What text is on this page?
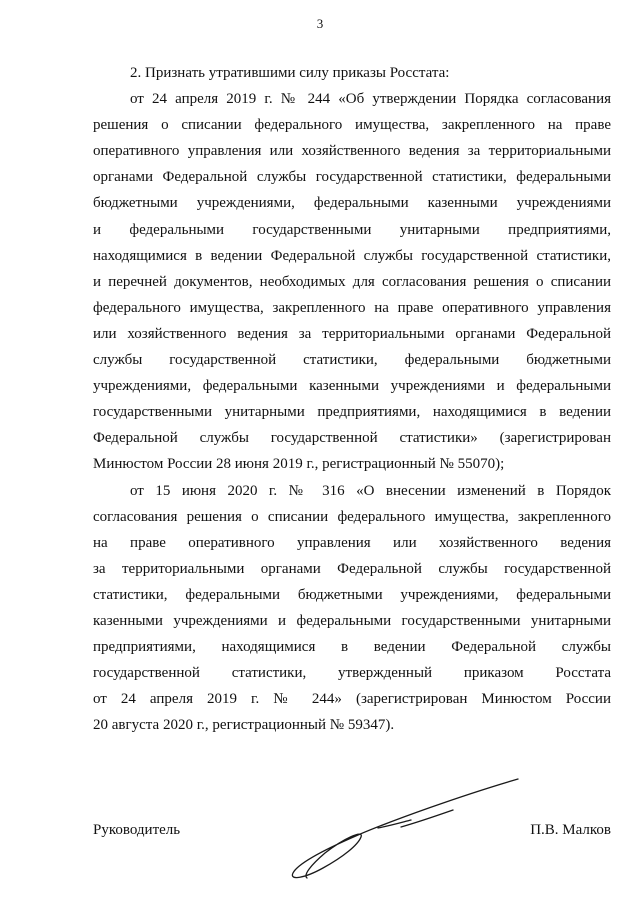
3

2. Признать утратившими силу приказы Росстата:

от 24 апреля 2019 г. № 244 «Об утверждении Порядка согласования
решения о списании федерального имущества, закрепленного на праве
оперативного управления или хозяйственного ведения за территориальными
органами Федеральной службы государственной статистики, федеральными
бюджетными учреждениями, федеральными казенными учреждениями
и федеральными государственными унитарными предприятиями,
находящимися в ведении Федеральной службы государственной статистики,
и перечней документов, необходимых для согласования решения о списании
федерального имущества, закрепленного на праве оперативного управления
или хозяйственного ведения за территориальными органами Федеральной
службы государственной статистики, федеральными бюджетными
учреждениями, федеральными казенными учреждениями и федеральными
государственными унитарными предприятиями, находящимися в ведении
Федеральной службы государственной статистики» (зарегистрирован
Минюстом России 28 июня 2019 г., регистрационный № 55070);
от 15 июня 2020 г. № 316 «О внесении изменений в Порядок
согласования решения о списании федерального имущества, закрепленного
на праве оперативного управления или хозяйственного ведения
за территориальными органами Федеральной службы государственной
статистики, федеральными бюджетными учреждениями, федеральными
казенными учреждениями и федеральными государственными унитарными
предприятиями, находящимися в ведении Федеральной службы
государственной статистики, утвержденный приказом Росстата
от 24 апреля 2019 г. № 244» (зарегистрирован Минюстом России
20 августа 2020 г., регистрационный № 59347).
Руководитель	П.В. Малков
